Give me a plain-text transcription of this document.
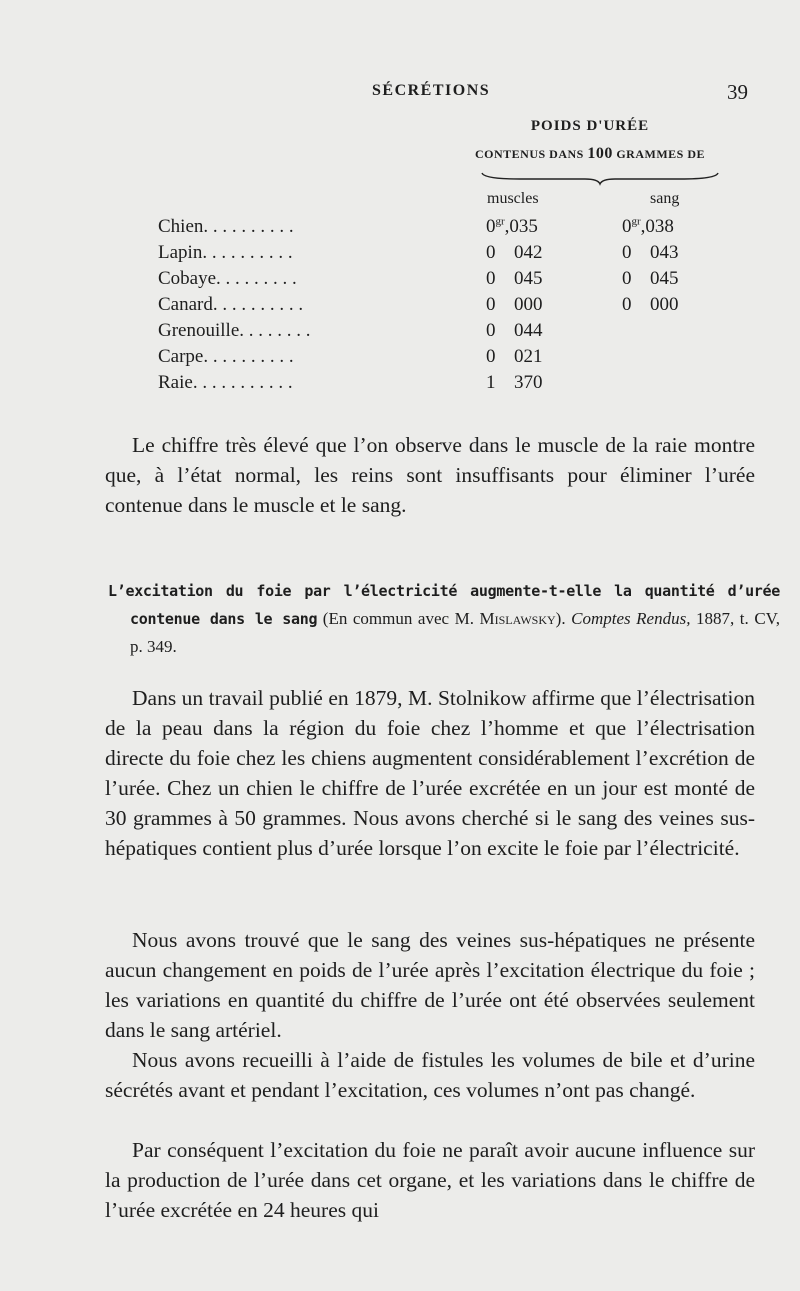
SÉCRÉTIONS	39
POIDS D'URÉE
CONTENUS DANS 100 GRAMMES DE
muscles	sang
Chien. . . . . . . . . .	$0^{gr},035$	$0^{gr},038$
Lapin. . . . . . . . . .	0 042	0 043
Cobaye. . . . . . . . .	0 045	0 045
Canard. . . . . . . . . .	0 000	0 000
Grenouille. . . . . . . .	0 044
Carpe. . . . . . . . . .	0 021
Raie. . . . . . . . . . .	1 370
Le chiffre très élevé que l’on observe dans le muscle de la raie montre que, à l’état normal, les reins sont insuffisants pour éliminer l’urée contenue dans le muscle et le sang.
L’excitation du foie par l’électricité augmente-t-elle la quantité d’urée contenue dans le sang (En commun avec M. Mislawsky). Comptes Rendus, 1887, t. CV, p. 349.
Dans un travail publié en 1879, M. Stolnikow affirme que l’électrisation de la peau dans la région du foie chez l’homme et que l’électrisation directe du foie chez les chiens augmentent considérablement l’excrétion de l’urée. Chez un chien le chiffre de l’urée excrétée en un jour est monté de 30 grammes à 50 grammes. Nous avons cherché si le sang des veines sus-hépatiques contient plus d’urée lorsque l’on excite le foie par l’électricité.
Nous avons trouvé que le sang des veines sus-hépatiques ne présente aucun changement en poids de l’urée après l’excitation électrique du foie ; les variations en quantité du chiffre de l’urée ont été observées seulement dans le sang artériel.
Nous avons recueilli à l’aide de fistules les volumes de bile et d’urine sécrétés avant et pendant l’excitation, ces volumes n’ont pas changé.
Par conséquent l’excitation du foie ne paraît avoir aucune influence sur la production de l’urée dans cet organe, et les variations dans le chiffre de l’urée excrétée en 24 heures qui
